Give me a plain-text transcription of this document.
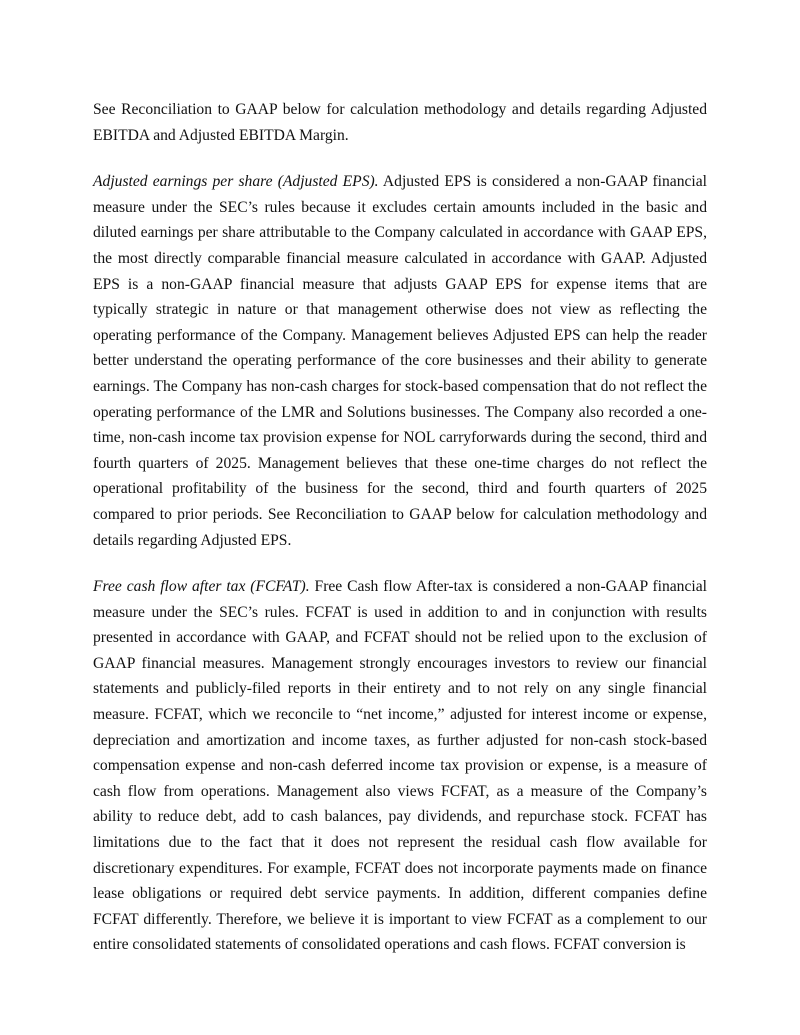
See Reconciliation to GAAP below for calculation methodology and details regarding Adjusted EBITDA and Adjusted EBITDA Margin.

Adjusted earnings per share (Adjusted EPS). Adjusted EPS is considered a non-GAAP financial measure under the SEC’s rules because it excludes certain amounts included in the basic and diluted earnings per share attributable to the Company calculated in accordance with GAAP EPS, the most directly comparable financial measure calculated in accordance with GAAP. Adjusted EPS is a non-GAAP financial measure that adjusts GAAP EPS for expense items that are typically strategic in nature or that management otherwise does not view as reflecting the operating performance of the Company. Management believes Adjusted EPS can help the reader better understand the operating performance of the core businesses and their ability to generate earnings. The Company has non-cash charges for stock-based compensation that do not reflect the operating performance of the LMR and Solutions businesses. The Company also recorded a one-time, non-cash income tax provision expense for NOL carryforwards during the second, third and fourth quarters of 2025. Management believes that these one-time charges do not reflect the operational profitability of the business for the second, third and fourth quarters of 2025 compared to prior periods. See Reconciliation to GAAP below for calculation methodology and details regarding Adjusted EPS.

Free cash flow after tax (FCFAT). Free Cash flow After-tax is considered a non-GAAP financial measure under the SEC’s rules. FCFAT is used in addition to and in conjunction with results presented in accordance with GAAP, and FCFAT should not be relied upon to the exclusion of GAAP financial measures. Management strongly encourages investors to review our financial statements and publicly-filed reports in their entirety and to not rely on any single financial measure. FCFAT, which we reconcile to “net income,” adjusted for interest income or expense, depreciation and amortization and income taxes, as further adjusted for non-cash stock-based compensation expense and non-cash deferred income tax provision or expense, is a measure of cash flow from operations. Management also views FCFAT, as a measure of the Company’s ability to reduce debt, add to cash balances, pay dividends, and repurchase stock. FCFAT has limitations due to the fact that it does not represent the residual cash flow available for discretionary expenditures. For example, FCFAT does not incorporate payments made on finance lease obligations or required debt service payments. In addition, different companies define FCFAT differently. Therefore, we believe it is important to view FCFAT as a complement to our entire consolidated statements of consolidated operations and cash flows. FCFAT conversion is
